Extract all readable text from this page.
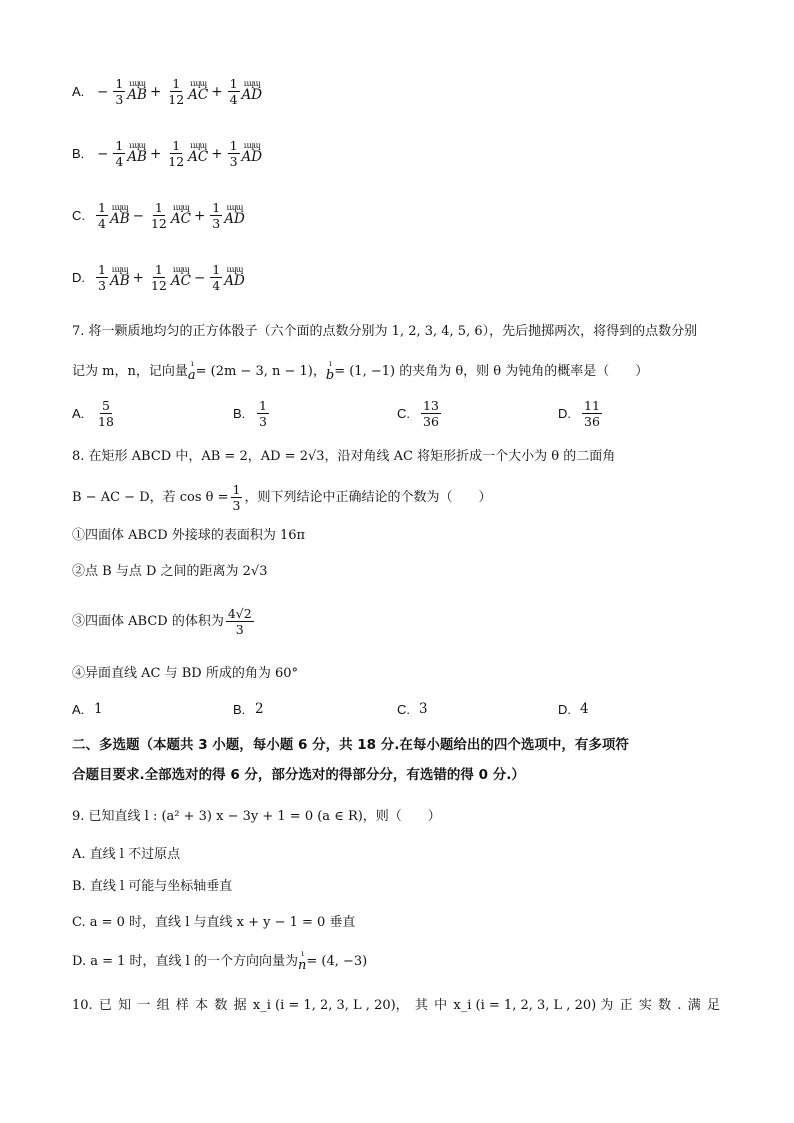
A. − $\frac{1}{3}$ ւɰɰ
AB + $\frac{1}{12}$ ւɰɰ
AC + $\frac{1}{4}$ ւɰɰ
AD
B. − $\frac{1}{4}$ ւɰɰ
AB + $\frac{1}{12}$ ւɰɰ
AC + $\frac{1}{3}$ ւɰɰ
AD
C. $\frac{1}{4}$ ւɰɰ
AB − $\frac{1}{12}$ ւɰɰ
AC + $\frac{1}{3}$ ւɰɰ
AD
D. $\frac{1}{3}$ ւɰɰ
AB + $\frac{1}{12}$ ւɰɰ
AC − $\frac{1}{4}$ ւɰɰ
AD
7. 将一颗质地均匀的正方体骰子（六个面的点数分别为 1, 2, 3, 4, 5, 6），先后抛掷两次，将得到的点数分别
记为 m，n，记向量 ı
a = (2m − 3, n − 1)， ı
b = (1, −1) 的夹角为 θ，则 θ 为钝角的概率是（　　）
A. $\frac{5}{18}$	B. $\frac{1}{3}$	C. $\frac{13}{36}$	D. $\frac{11}{36}$
8. 在矩形 ABCD 中，AB = 2，AD = 2√3，沿对角线 AC 将矩形折成一个大小为 θ 的二面角
B − AC − D，若 $\cos \theta = \frac{1}{3}$ ，则下列结论中正确结论的个数为（　　）
①四面体 ABCD 外接球的表面积为 16π
②点 B 与点 D 之间的距离为 2√3
③四面体 ABCD 的体积为 $\frac{4√2}{3}$
④异面直线 AC 与 BD 所成的角为 60°
A. 1	B. 2	C. 3	D. 4
二、多选题（本题共 3 小题，每小题 6 分，共 18 分.在每小题给出的四个选项中，有多项符
合题目要求.全部选对的得 6 分，部分选对的得部分分，有选错的得 0 分.）
9. 已知直线 l : (a² + 3) x − 3y + 1 = 0 (a ∈ R)，则（　　）
A. 直线 l 不过原点
B. 直线 l 可能与坐标轴垂直
C. a = 0 时，直线 l 与直线 x + y − 1 = 0 垂直
D. a = 1 时，直线 l 的一个方向向量为 ı
n = (4, −3)
10. 已 知 一 组 样 本 数 据 x_i (i = 1, 2, 3, L , 20)， 其 中 x_i (i = 1, 2, 3, L , 20) 为 正 实 数 . 满 足
